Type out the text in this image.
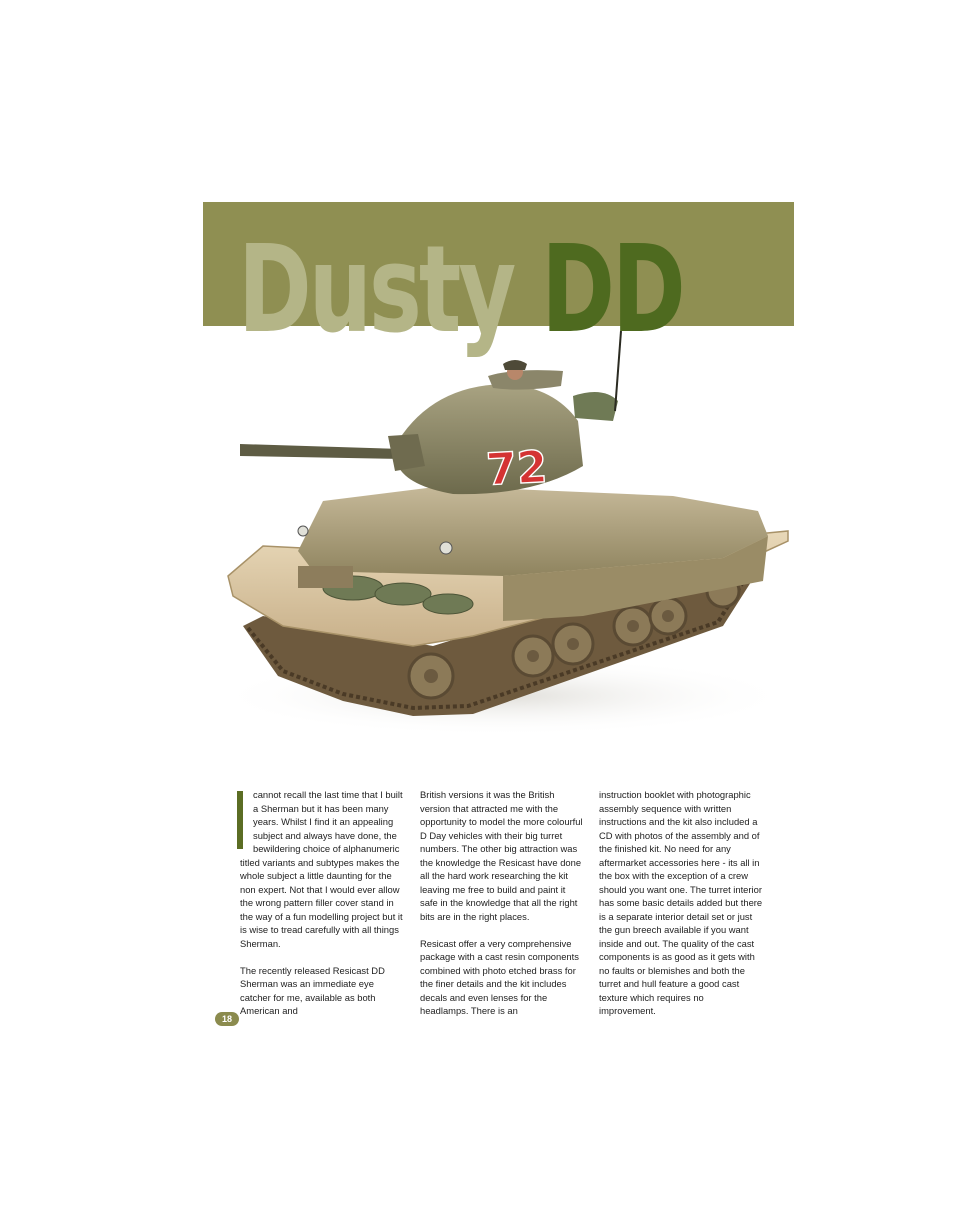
72
Dusty DD

cannot recall the last time that I built a Sherman but it has been many years. Whilst I find it an appealing subject and always have done, the bewildering choice of alphanumeric titled variants and subtypes makes the whole subject a little daunting for the non expert. Not that I would ever allow the wrong pattern filler cover stand in the way of a fun modelling project but it is wise to tread carefully with all things Sherman.

The recently released Resicast DD Sherman was an immediate eye catcher for me, available as both American and

British versions it was the British version that attracted me with the opportunity to model the more colourful D Day vehicles with their big turret numbers. The other big attraction was the knowledge the Resicast have done all the hard work researching the kit leaving me free to build and paint it safe in the knowledge that all the right bits are in the right places.

Resicast offer a very comprehensive package with a cast resin components combined with photo etched brass for the finer details and the kit includes decals and even lenses for the headlamps. There is an

instruction booklet with photographic assembly sequence with written instructions and the kit also included a CD with photos of the assembly and of the finished kit. No need for any aftermarket accessories here - its all in the box with the exception of a crew should you want one. The turret interior has some basic details added but there is a separate interior detail set or just the gun breech available if you want inside and out. The quality of the cast components is as good as it gets with no faults or blemishes and both the turret and hull feature a good cast texture which requires no improvement.

18
